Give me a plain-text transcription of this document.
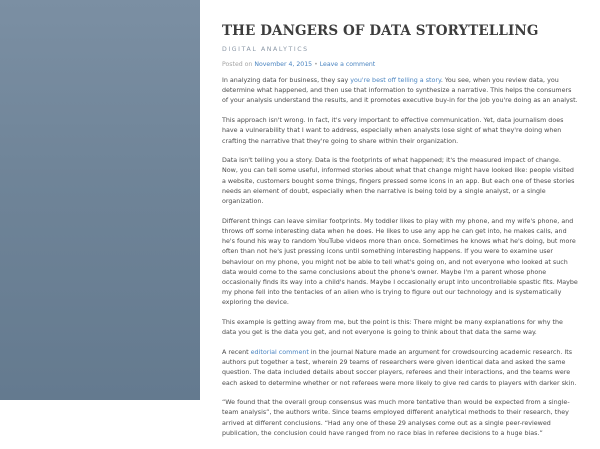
THE DANGERS OF DATA STORYTELLING
DIGITAL ANALYTICS
Posted on November 4, 2015 • Leave a comment

In analyzing data for business, they say you're best off telling a story. You see, when you review data, you determine what happened, and then use that information to synthesize a narrative. This helps the consumers of your analysis understand the results, and it promotes executive buy-in for the job you're doing as an analyst.

This approach isn't wrong. In fact, it's very important to effective communication. Yet, data journalism does have a vulnerability that I want to address, especially when analysts lose sight of what they're doing when crafting the narrative that they're going to share within their organization.

Data isn't telling you a story. Data is the footprints of what happened; it's the measured impact of change. Now, you can tell some useful, informed stories about what that change might have looked like: people visited a website, customers bought some things, fingers pressed some icons in an app. But each one of these stories needs an element of doubt, especially when the narrative is being told by a single analyst, or a single organization.

Different things can leave similar footprints. My toddler likes to play with my phone, and my wife's phone, and throws off some interesting data when he does. He likes to use any app he can get into, he makes calls, and he's found his way to random YouTube videos more than once. Sometimes he knows what he's doing, but more often than not he's just pressing icons until something interesting happens. If you were to examine user behaviour on my phone, you might not be able to tell what's going on, and not everyone who looked at such data would come to the same conclusions about the phone's owner. Maybe I'm a parent whose phone occasionally finds its way into a child's hands. Maybe I occasionally erupt into uncontrollable spastic fits. Maybe my phone fell into the tentacles of an alien who is trying to figure out our technology and is systematically exploring the device.

This example is getting away from me, but the point is this: There might be many explanations for why the data you get is the data you get, and not everyone is going to think about that data the same way.

A recent editorial comment in the journal Nature made an argument for crowdsourcing academic research. Its authors put together a test, wherein 29 teams of researchers were given identical data and asked the same question. The data included details about soccer players, referees and their interactions, and the teams were each asked to determine whether or not referees were more likely to give red cards to players with darker skin.

“We found that the overall group consensus was much more tentative than would be expected from a single-team analysis”, the authors write. Since teams employed different analytical methods to their research, they arrived at different conclusions. “Had any one of these 29 analyses come out as a single peer-reviewed publication, the conclusion could have ranged from no race bias in referee decisions to a huge bias.”
